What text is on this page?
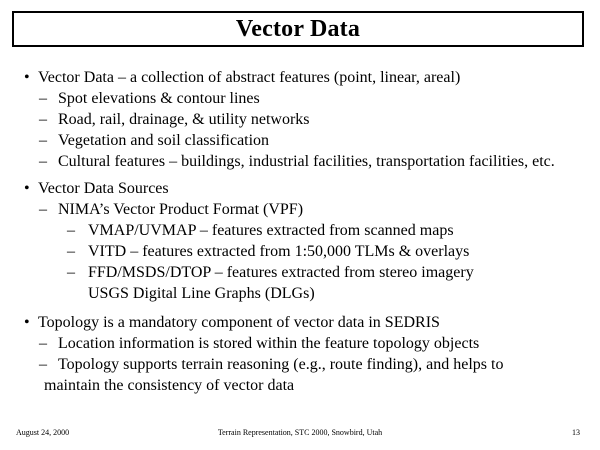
Vector Data
• Vector Data – a collection of abstract features (point, linear, areal)
– Spot elevations & contour lines
– Road, rail, drainage, & utility networks
– Vegetation and soil classification
– Cultural features – buildings, industrial facilities, transportation facilities, etc.
• Vector Data Sources
– NIMA’s Vector Product Format (VPF)
– VMAP/UVMAP – features extracted from scanned maps
– VITD – features extracted from 1:50,000 TLMs & overlays
– FFD/MSDS/DTOP – features extracted from stereo imagery
USGS Digital Line Graphs (DLGs)
• Topology is a mandatory component of vector data in SEDRIS
– Location information is stored within the feature topology objects
– Topology supports terrain reasoning (e.g., route finding), and helps to
maintain the consistency of vector data
August 24, 2000	Terrain Representation, STC 2000, Snowbird, Utah	13
